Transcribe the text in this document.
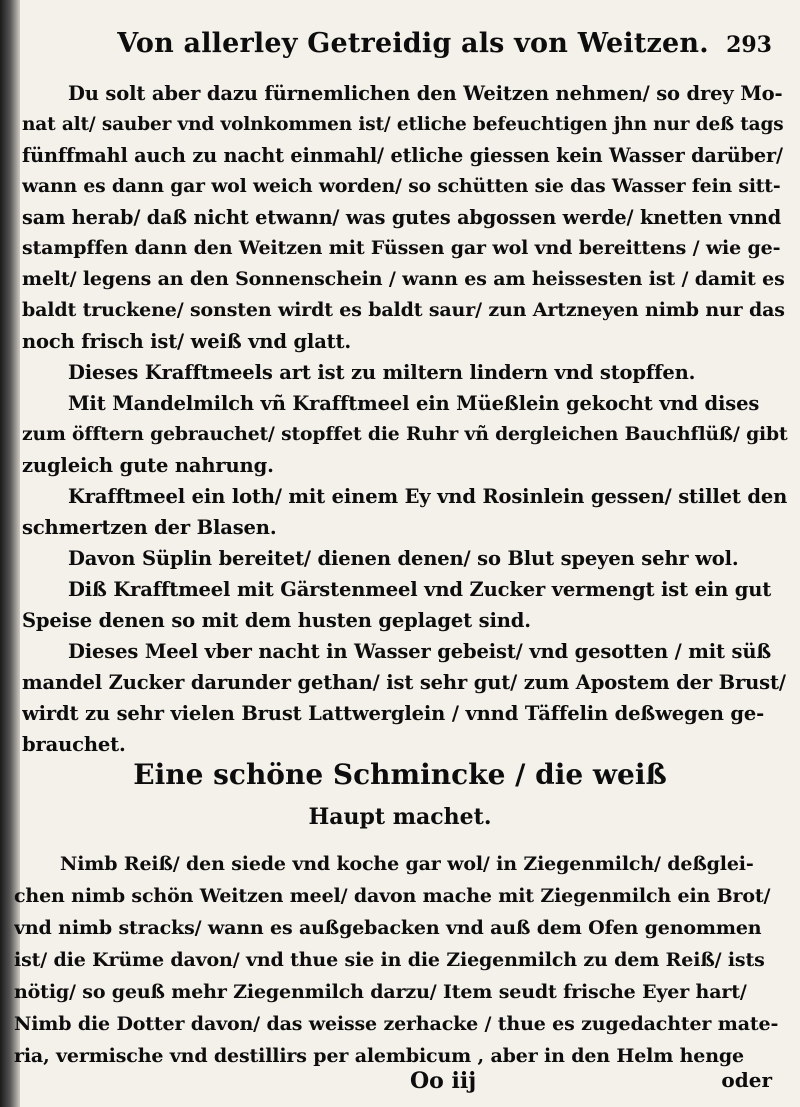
Von allerley Getreidig als von Weitzen. 293
Du solt aber dazu fürnemlichen den Weitzen nehmen/ so drey Mo-
nat alt/ sauber vnd volnkommen ist/ etliche befeuchtigen jhn nur deß tags
fünffmahl auch zu nacht einmahl/ etliche giessen kein Wasser darüber/
wann es dann gar wol weich worden/ so schütten sie das Wasser fein sitt-
sam herab/ daß nicht etwann/ was gutes abgossen werde/ knetten vnnd
stampffen dann den Weitzen mit Füssen gar wol vnd bereittens / wie ge-
melt/ legens an den Sonnenschein / wann es am heissesten ist / damit es
baldt truckene/ sonsten wirdt es baldt saur/ zun Artzneyen nimb nur das
noch frisch ist/ weiß vnd glatt.
Dieses Krafftmeels art ist zu miltern lindern vnd stopffen.
Mit Mandelmilch vñ Krafftmeel ein Müeßlein gekocht vnd dises
zum öfftern gebrauchet/ stopffet die Ruhr vñ dergleichen Bauchflüß/ gibt
zugleich gute nahrung.
Krafftmeel ein loth/ mit einem Ey vnd Rosinlein gessen/ stillet den
schmertzen der Blasen.
Davon Süplin bereitet/ dienen denen/ so Blut speyen sehr wol.
Diß Krafftmeel mit Gärstenmeel vnd Zucker vermengt ist ein gut
Speise denen so mit dem husten geplaget sind.
Dieses Meel vber nacht in Wasser gebeist/ vnd gesotten / mit süß
mandel Zucker darunder gethan/ ist sehr gut/ zum Apostem der Brust/
wirdt zu sehr vielen Brust Lattwerglein / vnnd Täffelin deßwegen ge-
brauchet.
Eine schöne Schmincke / die weiß
Haupt machet.
Nimb Reiß/ den siede vnd koche gar wol/ in Ziegenmilch/ deßglei-
chen nimb schön Weitzen meel/ davon mache mit Ziegenmilch ein Brot/
vnd nimb stracks/ wann es außgebacken vnd auß dem Ofen genommen
ist/ die Krüme davon/ vnd thue sie in die Ziegenmilch zu dem Reiß/ ists
nötig/ so geuß mehr Ziegenmilch darzu/ Item seudt frische Eyer hart/
Nimb die Dotter davon/ das weisse zerhacke / thue es zugedachter mate-
ria, vermische vnd destillirs per alembicum , aber in den Helm henge
Oo iij	oder
